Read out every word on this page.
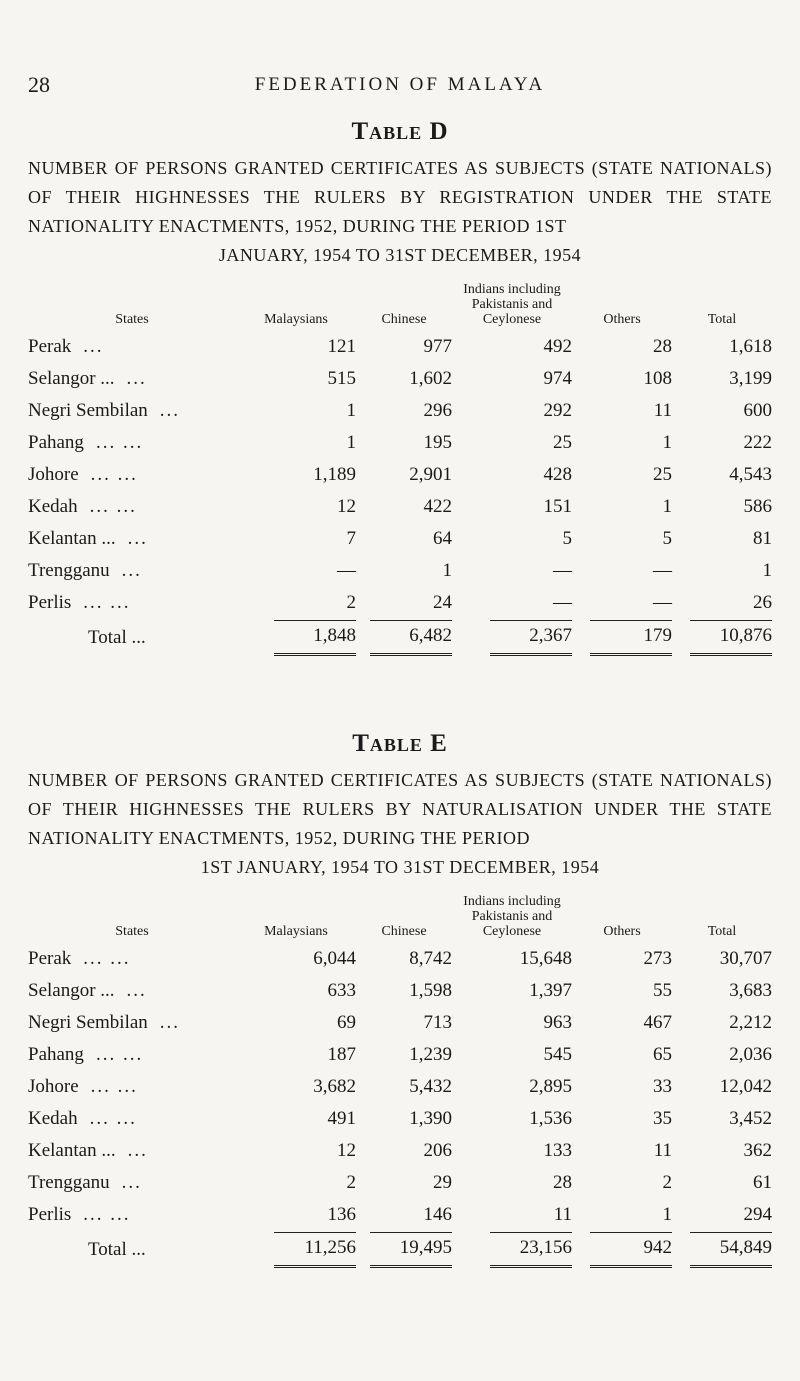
28	FEDERATION OF MALAYA
Table D

NUMBER OF PERSONS GRANTED CERTIFICATES AS SUBJECTS (STATE NATIONALS) OF THEIR HIGHNESSES THE RULERS BY REGISTRATION UNDER THE STATE NATIONALITY ENACTMENTS, 1952, DURING THE PERIOD 1ST
JANUARY, 1954 TO 31ST DECEMBER, 1954

States	Malaysians	Chinese	Indians including Pakistanis and Ceylonese	Others	Total
Perak ...	121	977	492	28	1,618
Selangor ... ...	515	1,602	974	108	3,199
Negri Sembilan ...	1	296	292	11	600
Pahang ... ...	1	195	25	1	222
Johore ... ...	1,189	2,901	428	25	4,543
Kedah ... ...	12	422	151	1	586
Kelantan ... ...	7	64	5	5	81
Trengganu ...	—	1	—	—	1
Perlis ... ...	2	24	—	—	26
Total ...	1,848	6,482	2,367	179	10,876
Table E

NUMBER OF PERSONS GRANTED CERTIFICATES AS SUBJECTS (STATE NATIONALS) OF THEIR HIGHNESSES THE RULERS BY NATURALISATION UNDER THE STATE NATIONALITY ENACTMENTS, 1952, DURING THE PERIOD
1ST JANUARY, 1954 TO 31ST DECEMBER, 1954

States	Malaysians	Chinese	Indians including Pakistanis and Ceylonese	Others	Total
Perak ... ...	6,044	8,742	15,648	273	30,707
Selangor ... ...	633	1,598	1,397	55	3,683
Negri Sembilan ...	69	713	963	467	2,212
Pahang ... ...	187	1,239	545	65	2,036
Johore ... ...	3,682	5,432	2,895	33	12,042
Kedah ... ...	491	1,390	1,536	35	3,452
Kelantan ... ...	12	206	133	11	362
Trengganu ...	2	29	28	2	61
Perlis ... ...	136	146	11	1	294
Total ...	11,256	19,495	23,156	942	54,849
